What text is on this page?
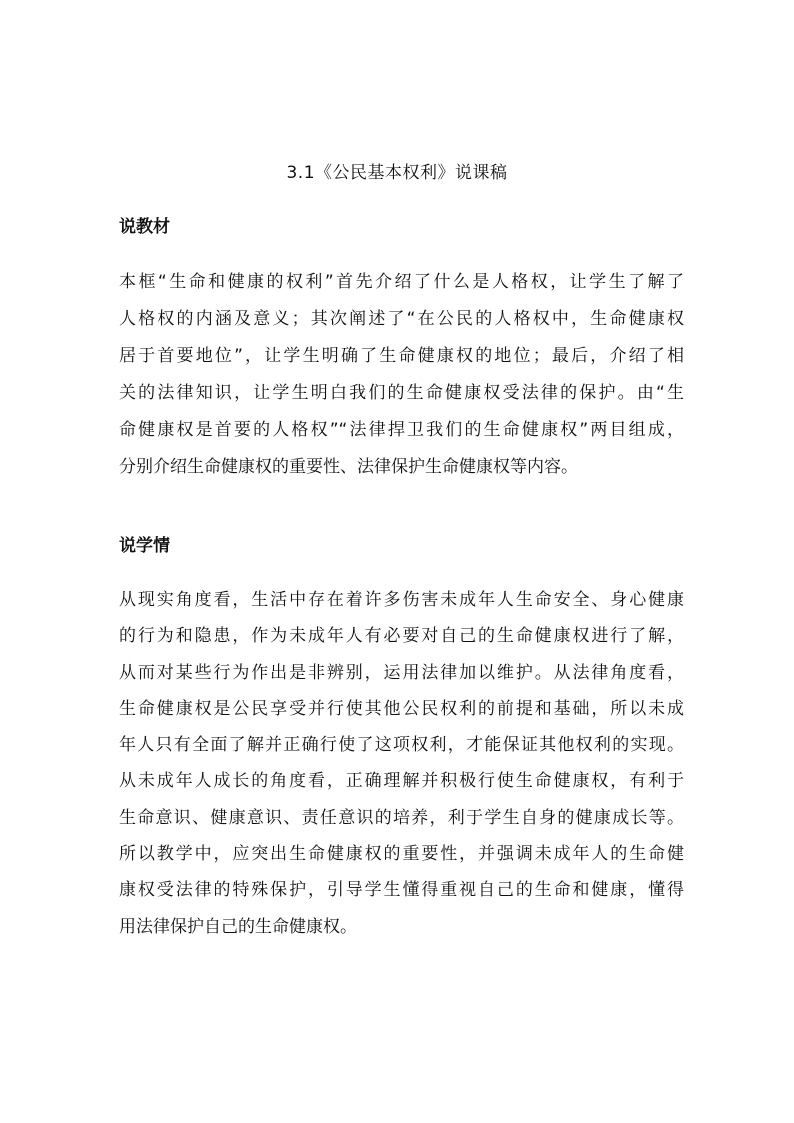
3.1《公民基本权利》说课稿
说教材
本框“生命和健康的权利”首先介绍了什么是人格权，让学生了解了
人格权的内涵及意义；其次阐述了“在公民的人格权中，生命健康权
居于首要地位”，让学生明确了生命健康权的地位；最后，介绍了相
关的法律知识，让学生明白我们的生命健康权受法律的保护。由“生
命健康权是首要的人格权”“法律捍卫我们的生命健康权”两目组成，
分别介绍生命健康权的重要性、法律保护生命健康权等内容。
说学情
从现实角度看，生活中存在着许多伤害未成年人生命安全、身心健康
的行为和隐患，作为未成年人有必要对自己的生命健康权进行了解，
从而对某些行为作出是非辨别，运用法律加以维护。从法律角度看，
生命健康权是公民享受并行使其他公民权利的前提和基础，所以未成
年人只有全面了解并正确行使了这项权利，才能保证其他权利的实现。
从未成年人成长的角度看，正确理解并积极行使生命健康权，有利于
生命意识、健康意识、责任意识的培养，利于学生自身的健康成长等。
所以教学中，应突出生命健康权的重要性，并强调未成年人的生命健
康权受法律的特殊保护，引导学生懂得重视自己的生命和健康，懂得
用法律保护自己的生命健康权。
